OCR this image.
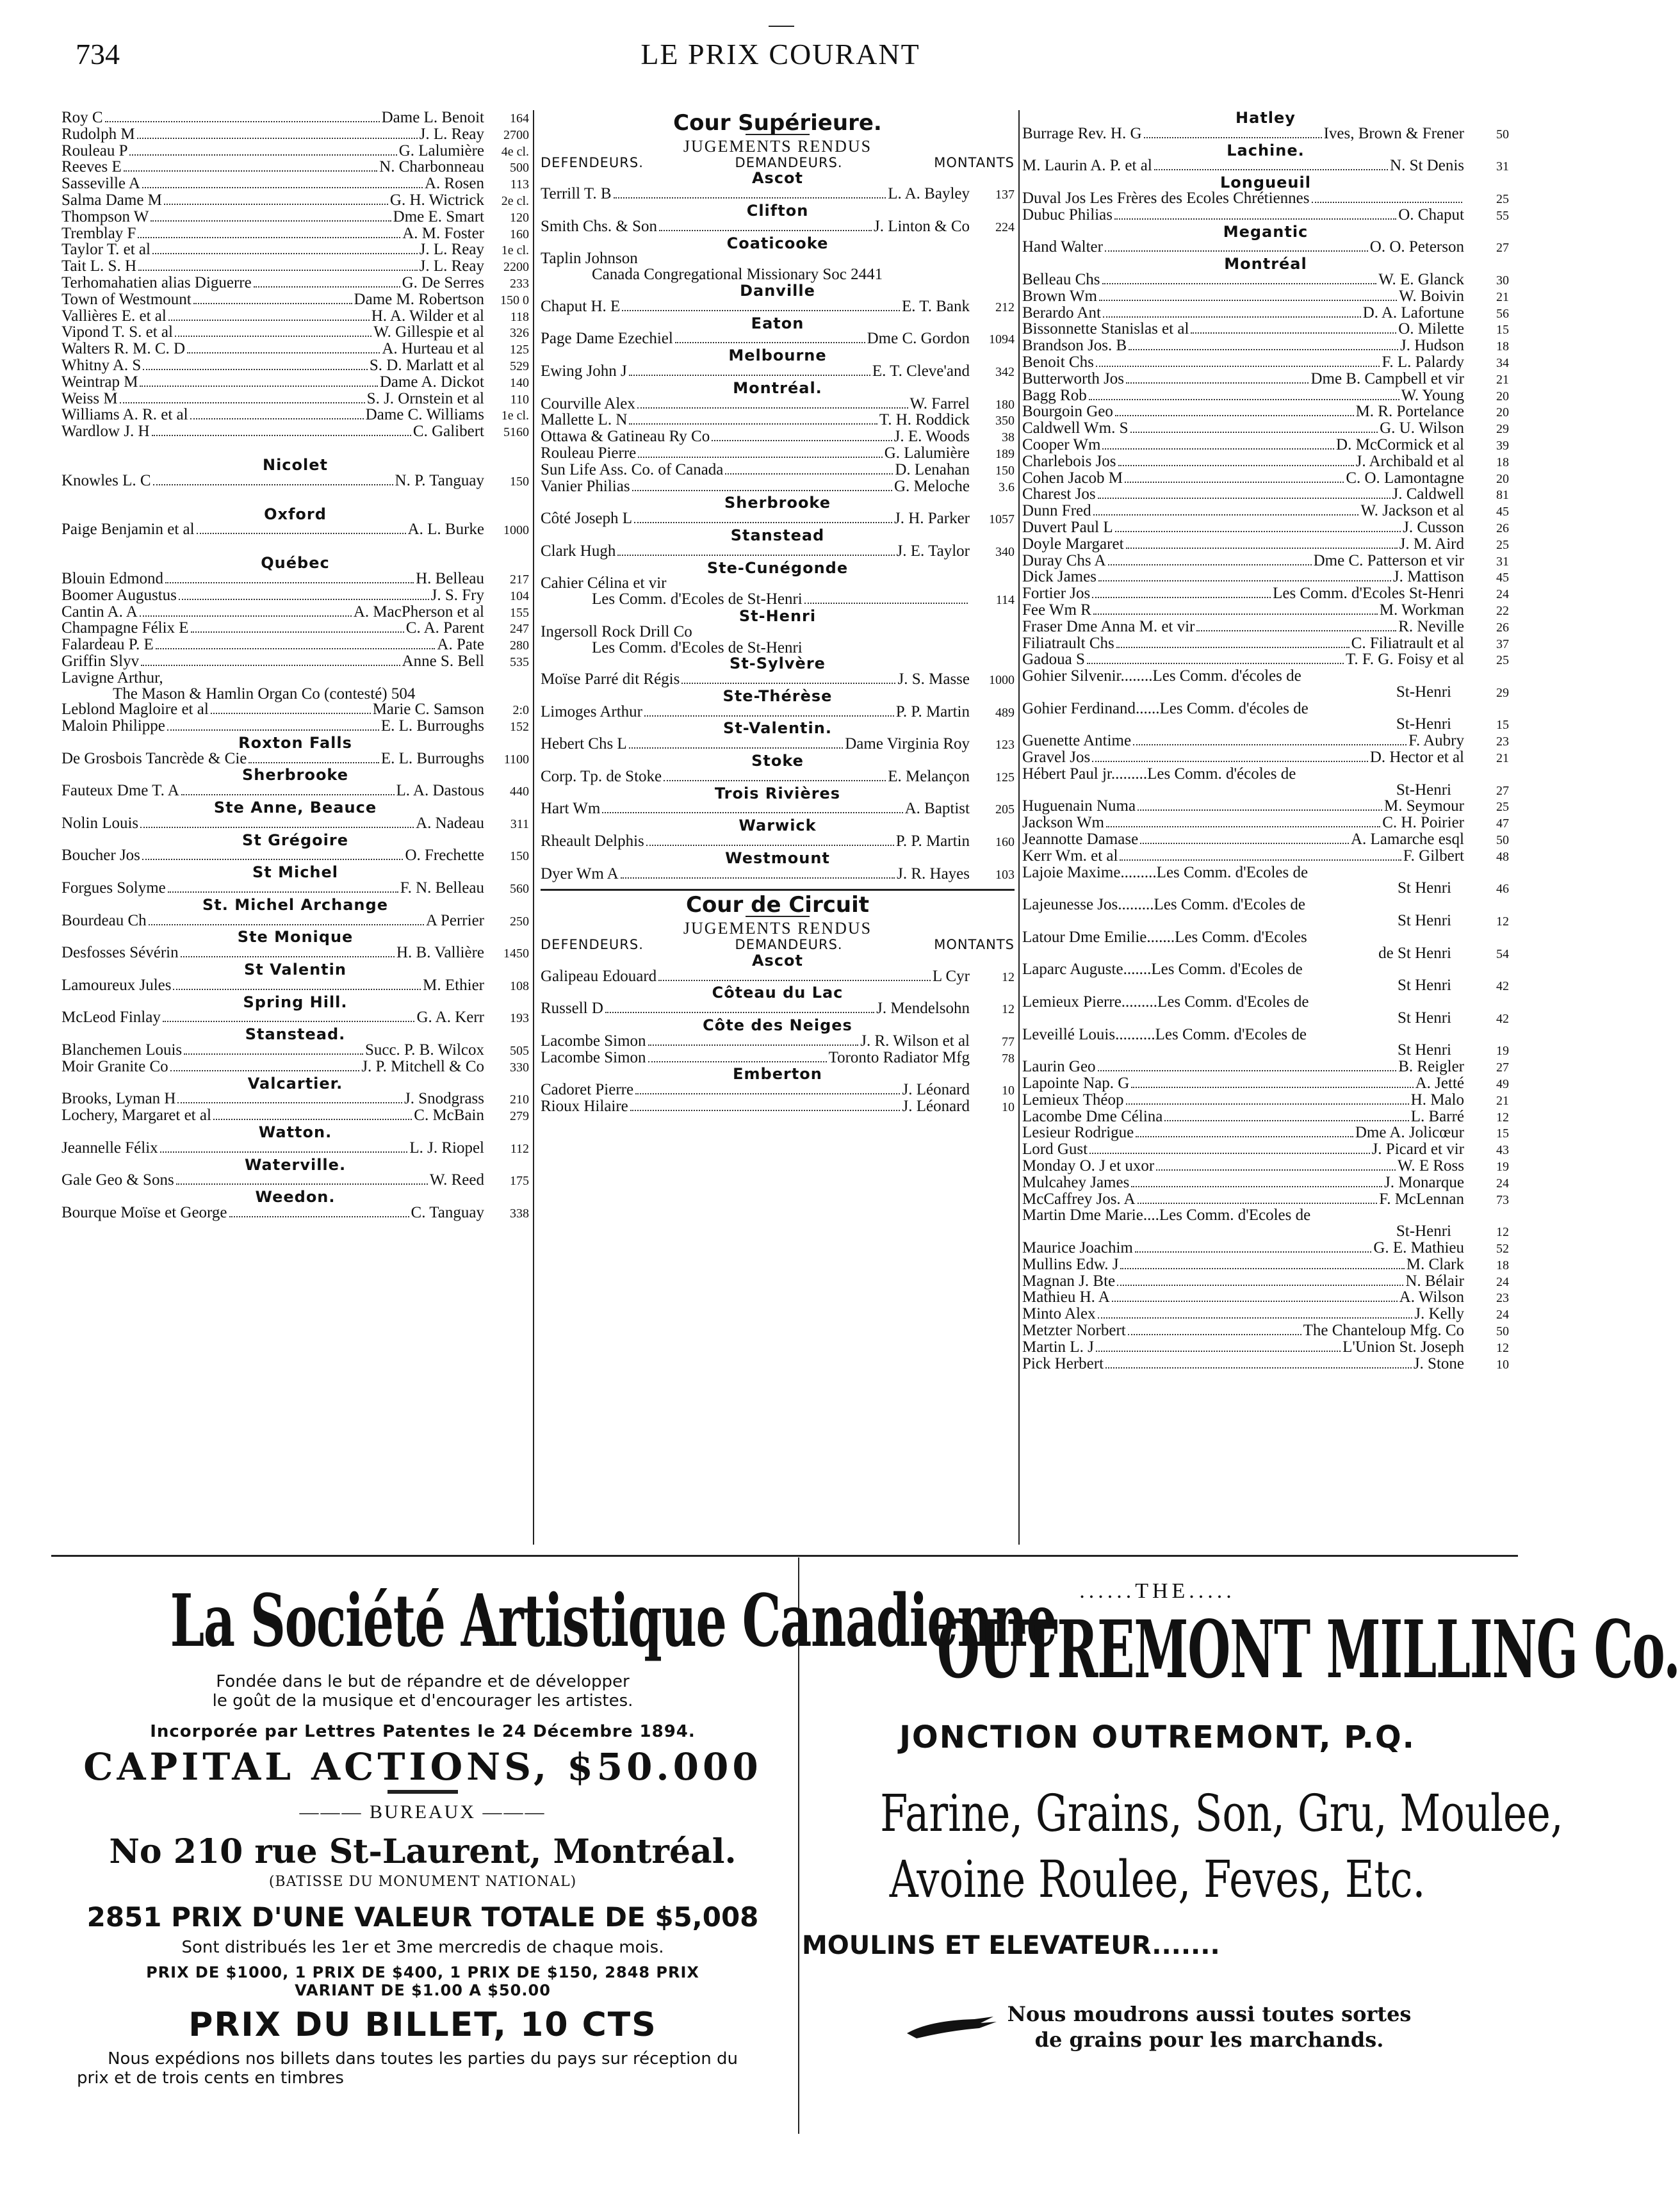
734	LE PRIX COURANT
Roy C	Dame L. Benoit	164
Rudolph M	J. L. Reay	2700
Rouleau P	G. Lalumière	4e cl.
Reeves E	N. Charbonneau	500
Sasseville A	A. Rosen	113
Salma Dame M	G. H. Wictrick	2e cl.
Thompson W	Dme E. Smart	120
Tremblay F	A. M. Foster	160
Taylor T. et al	J. L. Reay	1e cl.
Tait L. S. H	J. L. Reay	2200
Terhomahatien alias Diguerre	G. De Serres	233
Town of Westmount	Dame M. Robertson	150 0
Vallières E. et al	H. A. Wilder et al	118
Vipond T. S. et al	W. Gillespie et al	326
Walters R. M. C. D	A. Hurteau et al	125
Whitny A. S	S. D. Marlatt et al	529
Weintrap M	Dame A. Dickot	140
Weiss M	S. J. Ornstein et al	110
Williams A. R. et al	Dame C. Williams	1e cl.
Wardlow J. H	C. Galibert	5160
Nicolet
Knowles L. C	N. P. Tanguay	150
Oxford
Paige Benjamin et al	A. L. Burke	1000
Québec
Blouin Edmond	H. Belleau	217
Boomer Augustus	J. S. Fry	104
Cantin A. A	A. MacPherson et al	155
Champagne Félix E	C. A. Parent	247
Falardeau P. E	A. Pate	280
Griffin Slyv	Anne S. Bell	535
Lavigne Arthur,
The Mason & Hamlin Organ Co (contesté) 504
Leblond Magloire et al	Marie C. Samson	2:0
Maloin Philippe	E. L. Burroughs	152
Roxton Falls
De Grosbois Tancrède & Cie	E. L. Burroughs	1100
Sherbrooke
Fauteux Dme T. A	L. A. Dastous	440
Ste Anne, Beauce
Nolin Louis	A. Nadeau	311
St Grégoire
Boucher Jos	O. Frechette	150
St Michel
Forgues Solyme	F. N. Belleau	560
St. Michel Archange
Bourdeau Ch	A Perrier	250
Ste Monique
Desfosses Sévérin	H. B. Vallière	1450
St Valentin
Lamoureux Jules	M. Ethier	108
Spring Hill.
McLeod Finlay	G. A. Kerr	193
Stanstead.
Blanchemen Louis	Succ. P. B. Wilcox	505
Moir Granite Co	J. P. Mitchell & Co	330
Valcartier.
Brooks, Lyman H	J. Snodgrass	210
Lochery, Margaret et al	C. McBain	279
Watton.
Jeannelle Félix	L. J. Riopel	112
Waterville.
Gale Geo & Sons	W. Reed	175
Weedon.
Bourque Moïse et George	C. Tanguay	338
Cour Supérieure.
JUGEMENTS RENDUS
DEFENDEURS.	DEMANDEURS.	MONTANTS
Ascot
Terrill T. B	L. A. Bayley	137
Clifton
Smith Chs. & Son	J. Linton & Co	224
Coaticooke
Taplin Johnson
Canada Congregational Missionary Soc 2441
Danville
Chaput H. E	E. T. Bank	212
Eaton
Page Dame Ezechiel	Dme C. Gordon	1094
Melbourne
Ewing John J	E. T. Cleve'and	342
Montréal.
Courville Alex	W. Farrel	180
Mallette L. N	T. H. Roddick	350
Ottawa & Gatineau Ry Co	J. E. Woods	38
Rouleau Pierre	G. Lalumière	189
Sun Life Ass. Co. of Canada	D. Lenahan	150
Vanier Philias	G. Meloche	3.6
Sherbrooke
Côté Joseph L	J. H. Parker	1057
Stanstead
Clark Hugh	J. E. Taylor	340
Ste-Cunégonde
Cahier Célina et vir
Les Comm. d'Ecoles de St-Henri	114
St-Henri
Ingersoll Rock Drill Co
Les Comm. d'Ecoles de St-Henri
St-Sylvère
Moïse Parré dit Régis	J. S. Masse	1000
Ste-Thérèse
Limoges Arthur	P. P. Martin	489
St-Valentin.
Hebert Chs L	Dame Virginia Roy	123
Stoke
Corp. Tp. de Stoke	E. Melançon	125
Trois Rivières
Hart Wm	A. Baptist	205
Warwick
Rheault Delphis	P. P. Martin	160
Westmount
Dyer Wm A	J. R. Hayes	103
Cour de Circuit
JUGEMENTS RENDUS
DEFENDEURS.	DEMANDEURS.	MONTANTS
Ascot
Galipeau Edouard	L Cyr	12
Côteau du Lac
Russell D	J. Mendelsohn	12
Côte des Neiges
Lacombe Simon	J. R. Wilson et al	77
Lacombe Simon	Toronto Radiator Mfg	78
Emberton
Cadoret Pierre	J. Léonard	10
Rioux Hilaire	J. Léonard	10
Hatley
Burrage Rev. H. G	Ives, Brown & Frener	50
Lachine.
M. Laurin A. P. et al	N. St Denis	31
Longueuil
Duval Jos Les Frères des Ecoles Chrétiennes	25
Dubuc Philias	O. Chaput	55
Megantic
Hand Walter	O. O. Peterson	27
Montréal
Belleau Chs	W. E. Glanck	30
Brown Wm	W. Boivin	21
Berardo Ant	D. A. Lafortune	56
Bissonnette Stanislas et al	O. Milette	15
Brandson Jos. B	J. Hudson	18
Benoit Chs	F. L. Palardy	34
Butterworth Jos	Dme B. Campbell et vir	21
Bagg Rob	W. Young	20
Bourgoin Geo	M. R. Portelance	20
Caldwell Wm. S	G. U. Wilson	29
Cooper Wm	D. McCormick et al	39
Charlebois Jos	J. Archibald et al	18
Cohen Jacob M	C. O. Lamontagne	20
Charest Jos	J. Caldwell	81
Dunn Fred	W. Jackson et al	45
Duvert Paul L	J. Cusson	26
Doyle Margaret	J. M. Aird	25
Duray Chs A	Dme C. Patterson et vir	31
Dick James	J. Mattison	45
Fortier Jos	Les Comm. d'Ecoles St-Henri	24
Fee Wm R	M. Workman	22
Fraser Dme Anna M. et vir	R. Neville	26
Filiatrault Chs	C. Filiatrault et al	37
Gadoua S	T. F. G. Foisy et al	25
Gohier Silvenir........Les Comm. d'écoles de
St-Henri	29
Gohier Ferdinand......Les Comm. d'écoles de
St-Henri	15
Guenette Antime	F. Aubry	23
Gravel Jos	D. Hector et al	21
Hébert Paul jr.........Les Comm. d'écoles de
St-Henri	27
Huguenain Numa	M. Seymour	25
Jackson Wm	C. H. Poirier	47
Jeannotte Damase	A. Lamarche esql	50
Kerr Wm. et al	F. Gilbert	48
Lajoie Maxime.........Les Comm. d'Ecoles de
St Henri	46
Lajeunesse Jos.........Les Comm. d'Ecoles de
St Henri	12
Latour Dme Emilie.......Les Comm. d'Ecoles
de St Henri	54
Laparc Auguste.......Les Comm. d'Ecoles de
St Henri	42
Lemieux Pierre.........Les Comm. d'Ecoles de
St Henri	42
Leveillé Louis..........Les Comm. d'Ecoles de
St Henri	19
Laurin Geo	B. Reigler	27
Lapointe Nap. G	A. Jetté	49
Lemieux Théop	H. Malo	21
Lacombe Dme Célina	L. Barré	12
Lesieur Rodrigue	Dme A. Jolicœur	15
Lord Gust	J. Picard et vir	43
Monday O. J et uxor	W. E Ross	19
Mulcahey James	J. Monarque	24
McCaffrey Jos. A	F. McLennan	73
Martin Dme Marie....Les Comm. d'Ecoles de
St-Henri	12
Maurice Joachim	G. E. Mathieu	52
Mullins Edw. J	M. Clark	18
Magnan J. Bte	N. Bélair	24
Mathieu H. A	A. Wilson	23
Minto Alex	J. Kelly	24
Metzter Norbert	The Chanteloup Mfg. Co	50
Martin L. J	L'Union St. Joseph	12
Pick Herbert	J. Stone	10
La Société Artistique Canadienne
Fondée dans le but de répandre et de développer
le goût de la musique et d'encourager les artistes.
Incorporée par Lettres Patentes le 24 Décembre 1894.
CAPITAL ACTIONS, $50.000
——— BUREAUX ———
No 210 rue St-Laurent, Montréal.
(BATISSE DU MONUMENT NATIONAL)
2851 PRIX D'UNE VALEUR TOTALE DE $5,008
Sont distribués les 1er et 3me mercredis de chaque mois.
PRIX DE $1000, 1 PRIX DE $400, 1 PRIX DE $150, 2848 PRIX
VARIANT DE $1.00 A $50.00
PRIX DU BILLET, 10 CTS
Nous expédions nos billets dans toutes les parties du pays sur réception du
prix et de trois cents en timbres
......THE.....
OUTREMONT MILLING Co.
JONCTION OUTREMONT, P.Q.
Farine, Grains, Son, Gru, Moulee,
Avoine Roulee, Feves, Etc.
MOULINS ET ELEVATEUR.......
Nous moudrons aussi toutes sortes
de grains pour les marchands.
